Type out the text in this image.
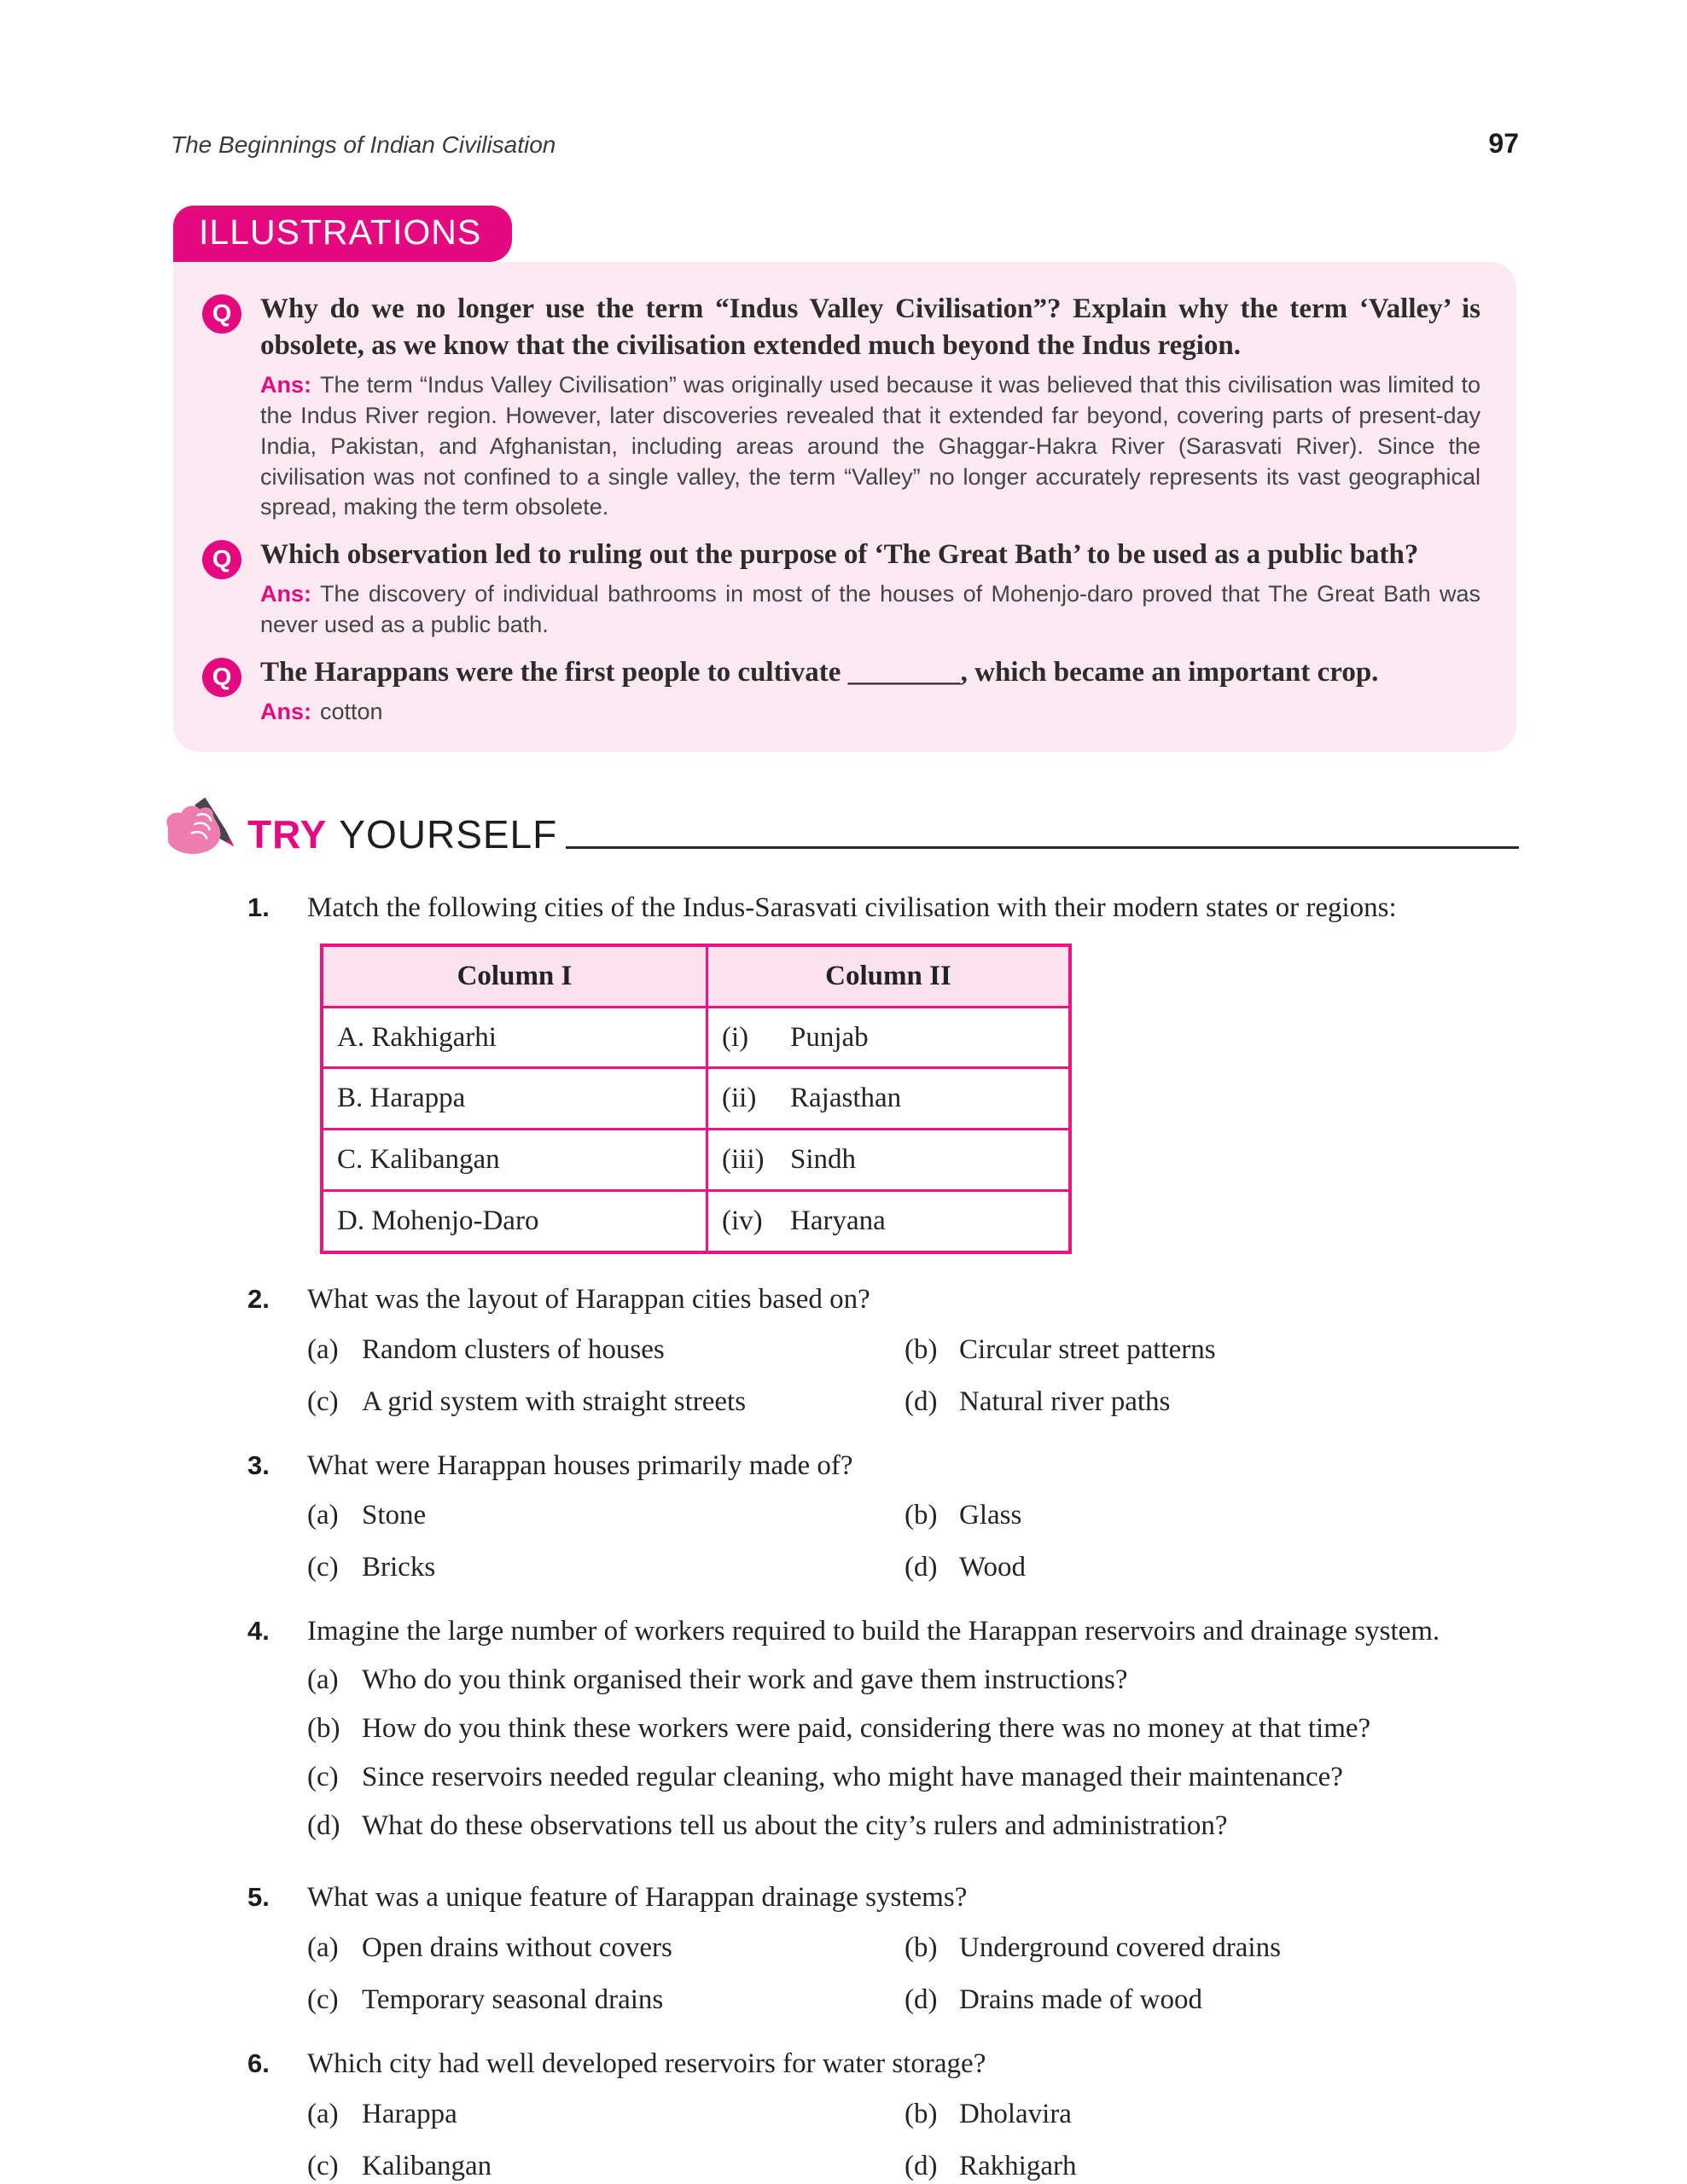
The Beginnings of Indian Civilisation	97
ILLUSTRATIONS
Q	Why do we no longer use the term “Indus Valley Civilisation”? Explain why the term ‘Valley’ is obsolete, as we know that the civilisation extended much beyond the Indus region.
Ans: The term “Indus Valley Civilisation” was originally used because it was believed that this civilisation was limited to the Indus River region. However, later discoveries revealed that it extended far beyond, covering parts of present-day India, Pakistan, and Afghanistan, including areas around the Ghaggar-Hakra River (Sarasvati River). Since the civilisation was not confined to a single valley, the term “Valley” no longer accurately represents its vast geographical spread, making the term obsolete.
Q	Which observation led to ruling out the purpose of ‘The Great Bath’ to be used as a public bath?
Ans: The discovery of individual bathrooms in most of the houses of Mohenjo-daro proved that The Great Bath was never used as a public bath.
Q	The Harappans were the first people to cultivate ________, which became an important crop.
Ans: cotton
TRY YOURSELF
1.	Match the following cities of the Indus-Sarasvati civilisation with their modern states or regions:
Column I	Column II
A. Rakhigarhi	(i) Punjab
B. Harappa	(ii) Rajasthan
C. Kalibangan	(iii) Sindh
D. Mohenjo-Daro	(iv) Haryana
2.	What was the layout of Harappan cities based on?
(a) Random clusters of houses	(b) Circular street patterns
(c) A grid system with straight streets	(d) Natural river paths
3.	What were Harappan houses primarily made of?
(a) Stone	(b) Glass
(c) Bricks	(d) Wood
4.	Imagine the large number of workers required to build the Harappan reservoirs and drainage system.
(a) Who do you think organised their work and gave them instructions?
(b) How do you think these workers were paid, considering there was no money at that time?
(c) Since reservoirs needed regular cleaning, who might have managed their maintenance?
(d) What do these observations tell us about the city’s rulers and administration?
5.	What was a unique feature of Harappan drainage systems?
(a) Open drains without covers	(b) Underground covered drains
(c) Temporary seasonal drains	(d) Drains made of wood
6.	Which city had well developed reservoirs for water storage?
(a) Harappa	(b) Dholavira
(c) Kalibangan	(d) Rakhigarh
